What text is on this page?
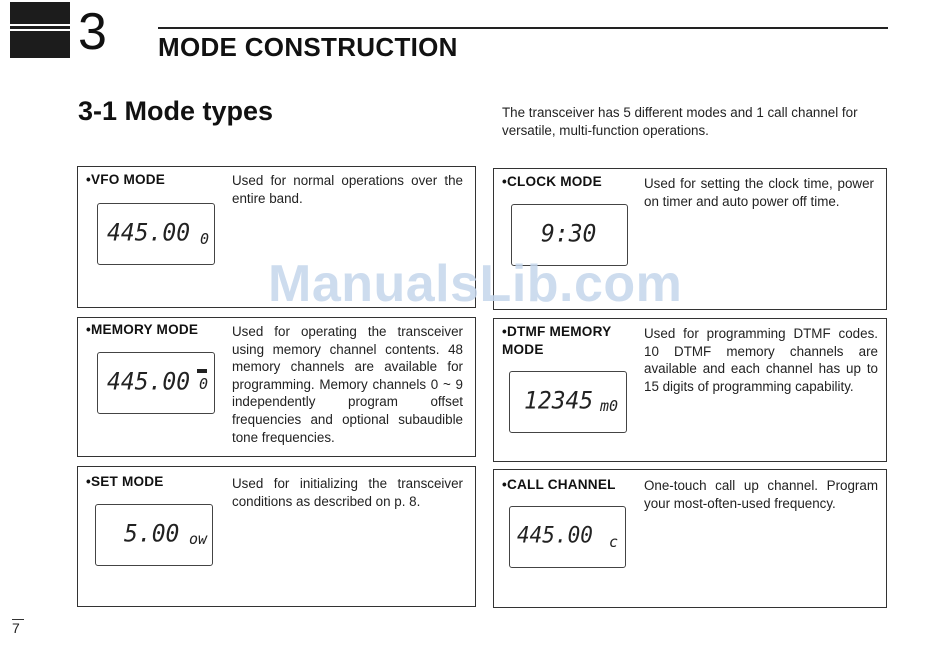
3 MODE CONSTRUCTION
3-1 Mode types	The transceiver has 5 different modes and 1 call channel for versatile, multi-function operations.
•VFO MODE	Used for normal operations over the entire band.
445.00 0
•CLOCK MODE	Used for setting the clock time, power on timer and auto power off time.
9:30
•MEMORY MODE	Used for operating the transceiver using memory channel contents. 48 memory channels are available for programming. Memory channels 0 ~ 9 independently program offset frequencies and optional subaudible tone frequencies.
445.00 0
•DTMF MEMORY MODE
Used for programming DTMF codes. 10 DTMF memory channels are available and each channel has up to 15 digits of programming capability.
12345 m0
•SET MODE	Used for initializing the transceiver conditions as described on p. 8.
5.00 ow
•CALL CHANNEL One-touch call up channel. Program your most-often-used frequency.
445.00 c
7
ManualsLib.com
